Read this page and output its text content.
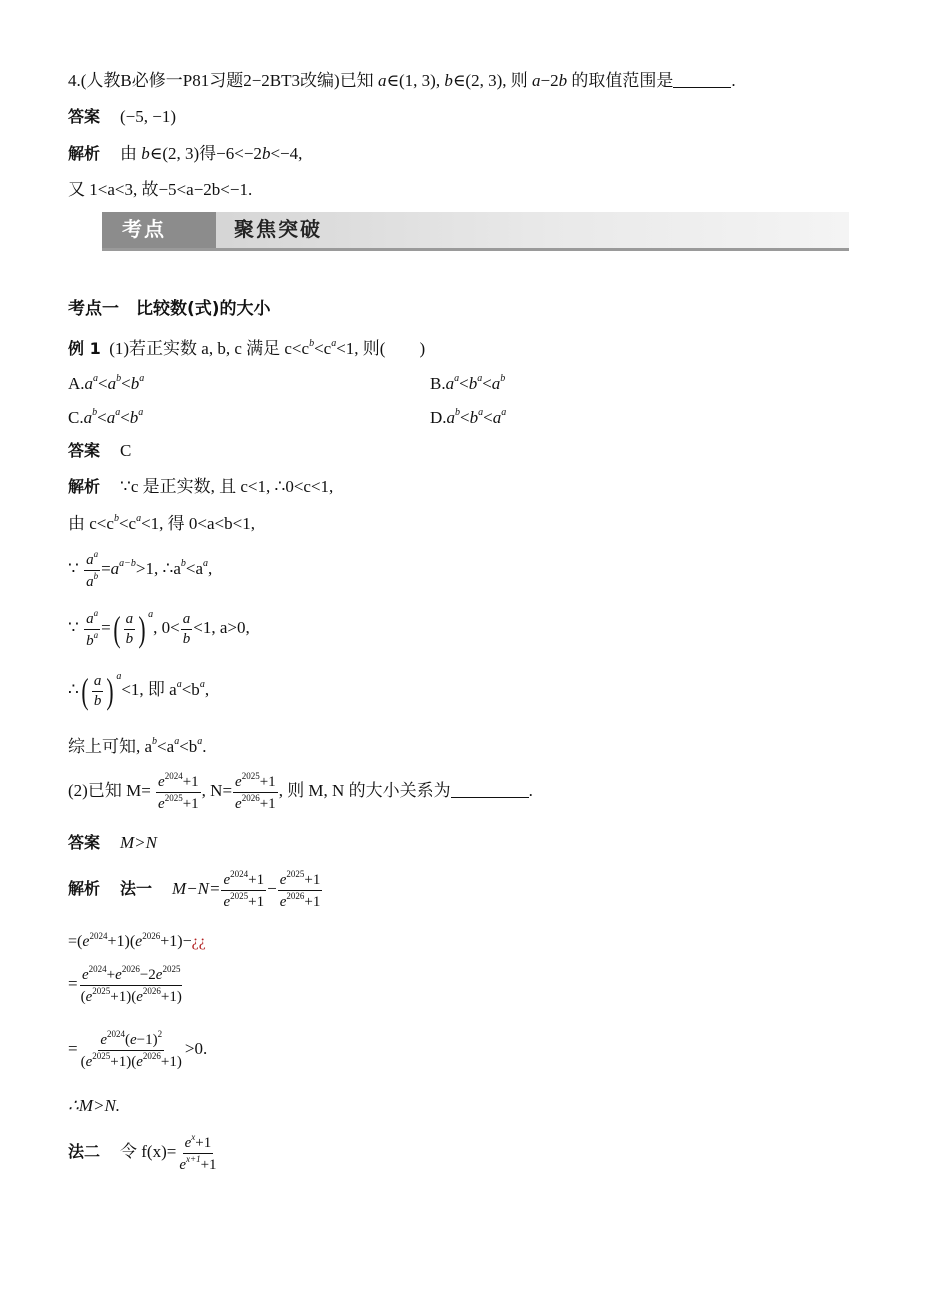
4.(人教B必修一P81习题2−2BT3改编)已知 a∈(1, 3), b∈(2, 3), 则 a−2b 的取值范围是	.
答案 (−5, −1)
解析 由 b∈(2, 3)得−6<−2b<−4,
又 1<a<3, 故−5<a−2b<−1.
考点	聚焦突破
考点一　比较数(式)的大小
例 1 (1)若正实数 a, b, c 满足 $c<c^b<c^a<1$, 则(　　)
$A.a^a<a^b<b^a$	$B.a^a<b^a<a^b$
$C.a^b<a^a<b^a$	$D.a^b<b^a<a^a$
答案 C
解析 ∵c 是正实数, 且 c<1, ∴0<c<1,
由 $c<c^b<c^a<1$, 得 0<a<b<1,
∵ $\frac{a^a}{a^b} =a^{a-b}>1$, $\therefore a^b<a^a$,
∵ $\frac{a^a}{b^a}$ = ( $\frac{a}{b}$ ) $^a$, $0< \frac{a}{b} <1$, a>0,
∴ ( $\frac{a}{b}$ ) $^a$<1, 即 $a^a<b^a$,
综上可知, $a^b<a^a<b^a$.
(2)已知 $M= \frac{e^{2024}+1}{e^{2025}+1}$ , $N= \frac{e^{2025}+1}{e^{2026}+1}$ , 则 M, N 的大小关系为	.
答案 M>N
解析 法一 $M-N= \frac{e^{2024}+1}{e^{2025}+1} - \frac{e^{2025}+1}{e^{2026}+1}$
$=(e^{2024}+1)(e^{2026}+1)-¿¿$
= $\frac{e^{2024}+e^{2026}-2e^{2025}}{(e^{2025}+1)(e^{2026}+1)}$
= $\frac{e^{2024}(e-1)^2}{(e^{2025}+1)(e^{2026}+1)} >0$.
∴M>N.
法二 令 $f(x)= \frac{e^x+1}{e^{x+1}+1}$
